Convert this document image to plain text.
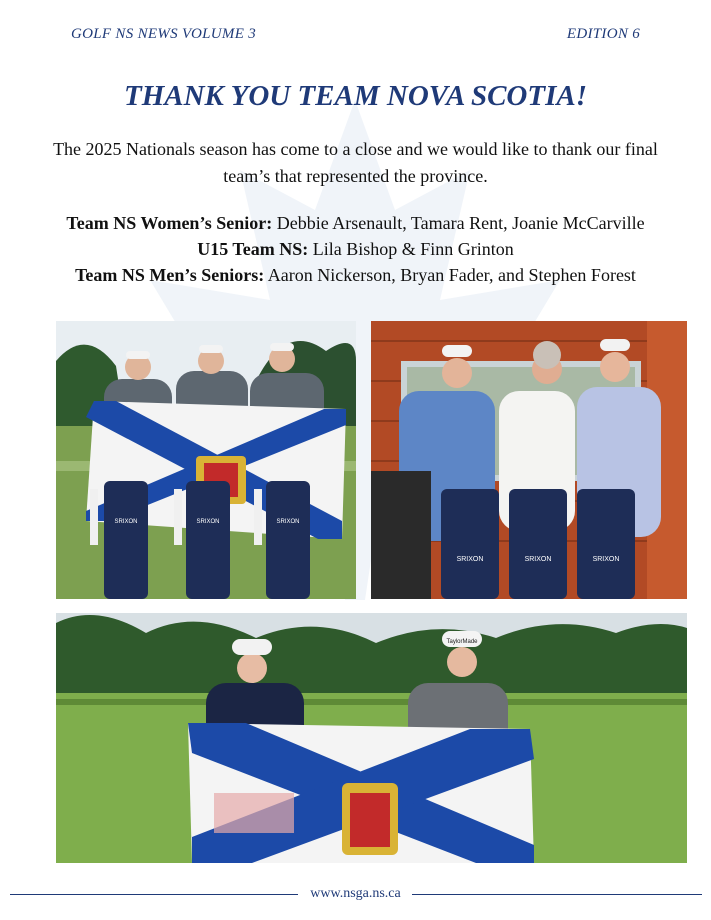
GOLF NS NEWS VOLUME 3	EDITION 6
THANK YOU TEAM NOVA SCOTIA!
The 2025 Nationals season has come to a close and we would like to thank our final team’s that represented the province.
Team NS Women’s Senior: Debbie Arsenault, Tamara Rent, Joanie McCarville
U15 Team NS: Lila Bishop & Finn Grinton
Team NS Men’s Seniors: Aaron Nickerson, Bryan Fader, and Stephen Forest
SRIXON	SRIXON	SRIXON
SRIXON	SRIXON	SRIXON
TaylorMade
www.nsga.ns.ca
